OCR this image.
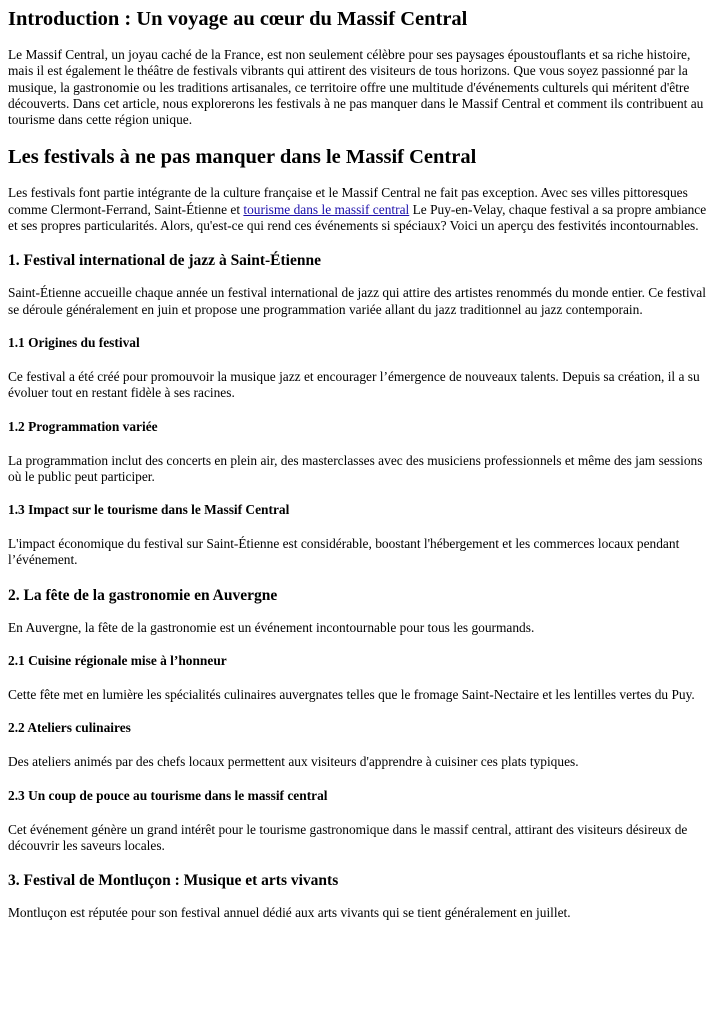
Introduction : Un voyage au cœur du Massif Central

Le Massif Central, un joyau caché de la France, est non seulement célèbre pour ses paysages époustouflants et sa riche histoire, mais il est également le théâtre de festivals vibrants qui attirent des visiteurs de tous horizons. Que vous soyez passionné par la musique, la gastronomie ou les traditions artisanales, ce territoire offre une multitude d'événements culturels qui méritent d'être découverts. Dans cet article, nous explorerons les festivals à ne pas manquer dans le Massif Central et comment ils contribuent au tourisme dans cette région unique.

Les festivals à ne pas manquer dans le Massif Central

Les festivals font partie intégrante de la culture française et le Massif Central ne fait pas exception. Avec ses villes pittoresques comme Clermont-Ferrand, Saint-Étienne et tourisme dans le massif central Le Puy-en-Velay, chaque festival a sa propre ambiance et ses propres particularités. Alors, qu'est-ce qui rend ces événements si spéciaux? Voici un aperçu des festivités incontournables.

1. Festival international de jazz à Saint-Étienne

Saint-Étienne accueille chaque année un festival international de jazz qui attire des artistes renommés du monde entier. Ce festival se déroule généralement en juin et propose une programmation variée allant du jazz traditionnel au jazz contemporain.

1.1 Origines du festival

Ce festival a été créé pour promouvoir la musique jazz et encourager l’émergence de nouveaux talents. Depuis sa création, il a su évoluer tout en restant fidèle à ses racines.

1.2 Programmation variée

La programmation inclut des concerts en plein air, des masterclasses avec des musiciens professionnels et même des jam sessions où le public peut participer.

1.3 Impact sur le tourisme dans le Massif Central

L'impact économique du festival sur Saint-Étienne est considérable, boostant l'hébergement et les commerces locaux pendant l’événement.

2. La fête de la gastronomie en Auvergne

En Auvergne, la fête de la gastronomie est un événement incontournable pour tous les gourmands.

2.1 Cuisine régionale mise à l’honneur

Cette fête met en lumière les spécialités culinaires auvergnates telles que le fromage Saint-Nectaire et les lentilles vertes du Puy.

2.2 Ateliers culinaires

Des ateliers animés par des chefs locaux permettent aux visiteurs d'apprendre à cuisiner ces plats typiques.

2.3 Un coup de pouce au tourisme dans le massif central

Cet événement génère un grand intérêt pour le tourisme gastronomique dans le massif central, attirant des visiteurs désireux de découvrir les saveurs locales.

3. Festival de Montluçon : Musique et arts vivants

Montluçon est réputée pour son festival annuel dédié aux arts vivants qui se tient généralement en juillet.
